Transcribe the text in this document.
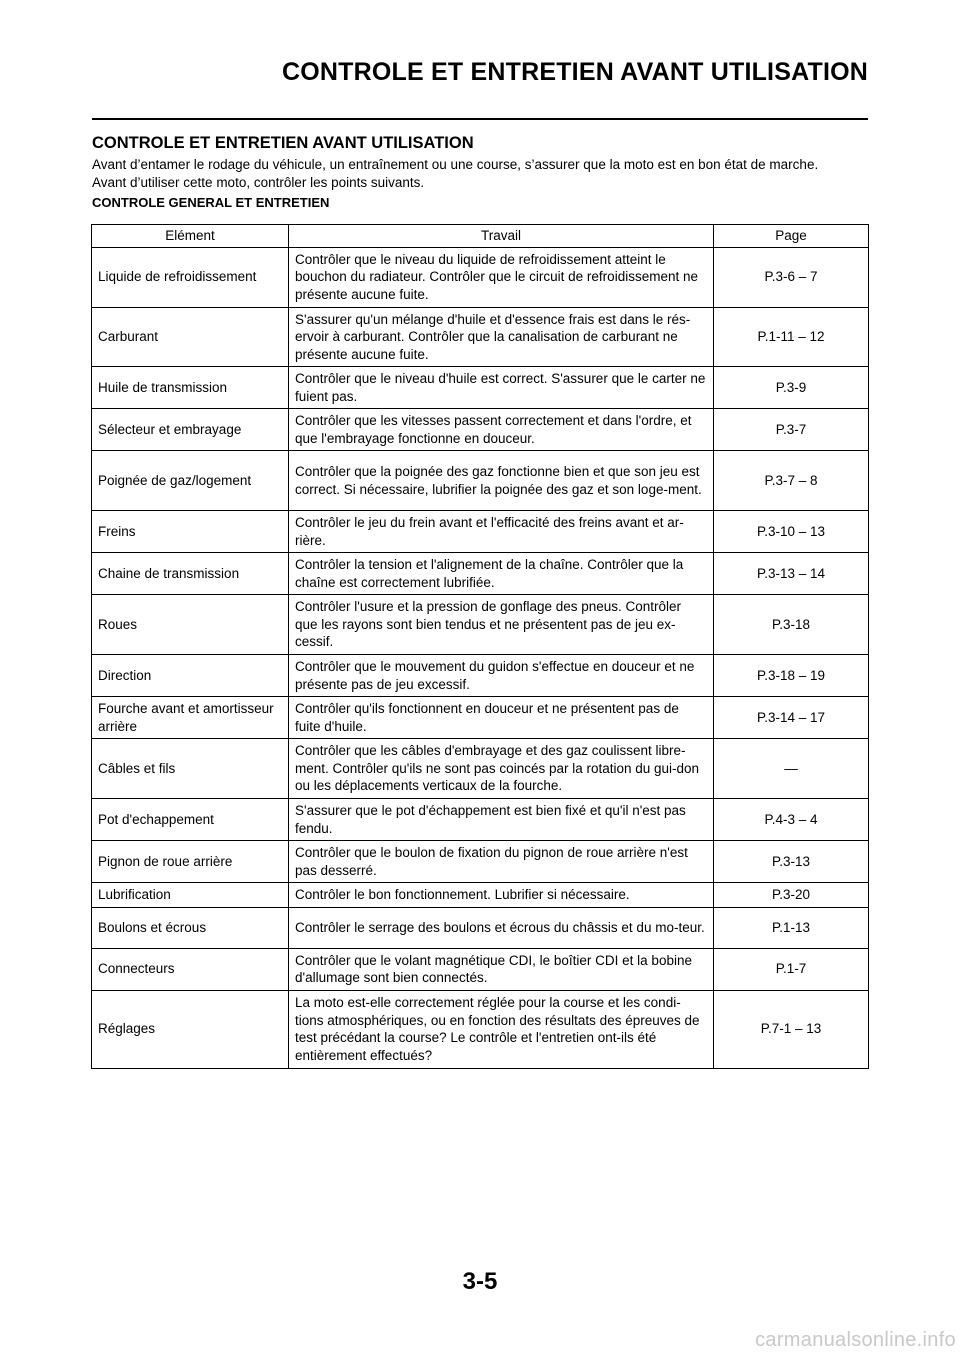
CONTROLE ET ENTRETIEN AVANT UTILISATION
CONTROLE ET ENTRETIEN AVANT UTILISATION

Avant d’entamer le rodage du véhicule, un entraînement ou une course, s’assurer que la moto est en bon état de marche.

Avant d’utiliser cette moto, contrôler les points suivants.

CONTROLE GENERAL ET ENTRETIEN
Elément	Travail	Page
Liquide de refroidissement	Contrôler que le niveau du liquide de refroidissement atteint le bouchon du radiateur. Contrôler que le circuit de refroidissement ne présente aucune fuite.	P.3-6 – 7
Carburant	S'assurer qu'un mélange d'huile et d'essence frais est dans le rés-ervoir à carburant. Contrôler que la canalisation de carburant ne présente aucune fuite.	P.1-11 – 12
Huile de transmission	Contrôler que le niveau d'huile est correct. S'assurer que le carter ne fuient pas.	P.3-9
Sélecteur et embrayage	Contrôler que les vitesses passent correctement et dans l'ordre, et que l'embrayage fonctionne en douceur.	P.3-7
Poignée de gaz/logement	Contrôler que la poignée des gaz fonctionne bien et que son jeu est correct. Si nécessaire, lubrifier la poignée des gaz et son loge-ment.	P.3-7 – 8
Freins	Contrôler le jeu du frein avant et l'efficacité des freins avant et ar-rière.	P.3-10 – 13
Chaine de transmission	Contrôler la tension et l'alignement de la chaîne. Contrôler que la chaîne est correctement lubrifiée.	P.3-13 – 14
Roues	Contrôler l'usure et la pression de gonflage des pneus. Contrôler que les rayons sont bien tendus et ne présentent pas de jeu ex-cessif.	P.3-18
Direction	Contrôler que le mouvement du guidon s'effectue en douceur et ne présente pas de jeu excessif.	P.3-18 – 19
Fourche avant et amortisseur arrière	Contrôler qu'ils fonctionnent en douceur et ne présentent pas de fuite d'huile.	P.3-14 – 17
Câbles et fils	Contrôler que les câbles d'embrayage et des gaz coulissent libre-ment. Contrôler qu'ils ne sont pas coincés par la rotation du gui-don ou les déplacements verticaux de la fourche.	—
Pot d'echappement	S'assurer que le pot d'échappement est bien fixé et qu'il n'est pas fendu.	P.4-3 – 4
Pignon de roue arrière	Contrôler que le boulon de fixation du pignon de roue arrière n'est pas desserré.	P.3-13
Lubrification	Contrôler le bon fonctionnement. Lubrifier si nécessaire.	P.3-20
Boulons et écrous	Contrôler le serrage des boulons et écrous du châssis et du mo-teur.	P.1-13
Connecteurs	Contrôler que le volant magnétique CDI, le boîtier CDI et la bobine d'allumage sont bien connectés.	P.1-7
Réglages	La moto est-elle correctement réglée pour la course et les condi-tions atmosphériques, ou en fonction des résultats des épreuves de test précédant la course? Le contrôle et l'entretien ont-ils été entièrement effectués?	P.7-1 – 13
3-5
carmanualsonline.info
